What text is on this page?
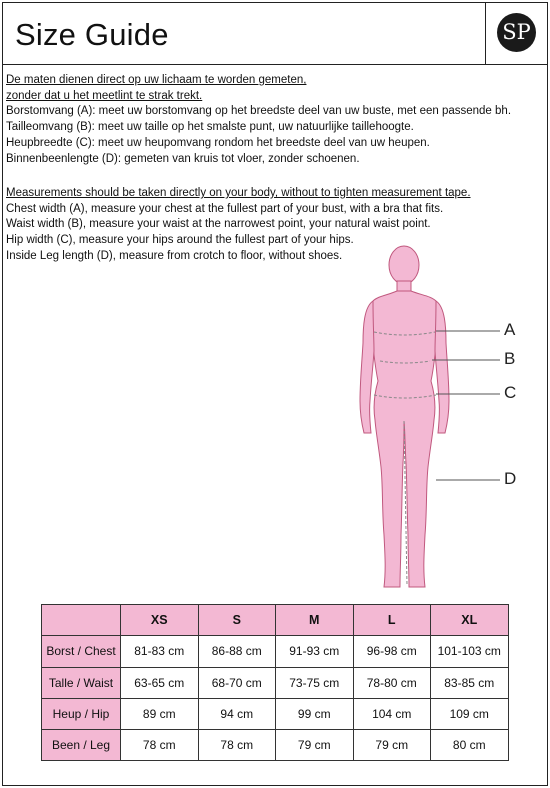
Size Guide	SP
De maten dienen direct op uw lichaam te worden gemeten,
zonder dat u het meetlint te strak trekt.
Borstomvang (A): meet uw borstomvang op het breedste deel van uw buste, met een passende bh.
Tailleomvang (B): meet uw taille op het smalste punt, uw natuurlijke taillehoogte.
Heupbreedte (C): meet uw heupomvang rondom het breedste deel van uw heupen.
Binnenbeenlengte (D): gemeten van kruis tot vloer, zonder schoenen.
Measurements should be taken directly on your body, without to tighten measurement tape.
Chest width (A), measure your chest at the fullest part of your bust, with a bra that fits.
Waist width (B), measure your waist at the narrowest point, your natural waist point.
Hip width (C), measure your hips around the fullest part of your hips.
Inside Leg length (D), measure from crotch to floor, without shoes.
A
B
C
D
	XS	S	M	L	XL
Borst / Chest	81-83 cm	86-88 cm	91-93 cm	96-98 cm	101-103 cm
Talle / Waist	63-65 cm	68-70 cm	73-75 cm	78-80 cm	83-85 cm
Heup / Hip	89 cm	94 cm	99 cm	104 cm	109 cm
Been / Leg	78 cm	78 cm	79 cm	79 cm	80 cm
